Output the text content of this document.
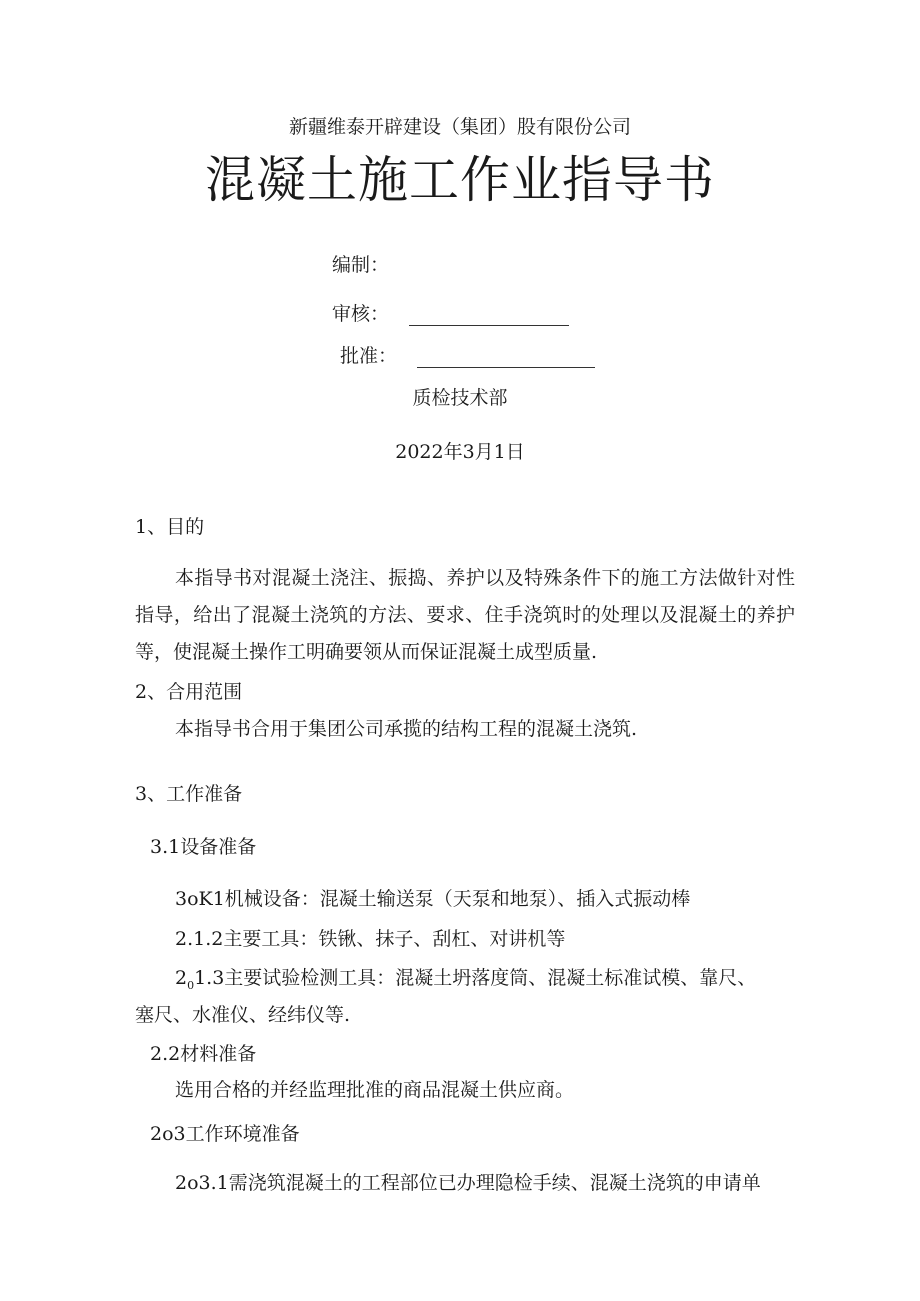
新疆维泰开辟建设（集团）股有限份公司
混凝土施工作业指导书
编制：
审核：
批准：
质检技术部
2022年3月1日
1、目的
本指导书对混凝土浇注、振捣、养护以及特殊条件下的施工方法做针对性指导，给出了混凝土浇筑的方法、要求、住手浇筑时的处理以及混凝土的养护等，使混凝土操作工明确要领从而保证混凝土成型质量.
2、合用范围
本指导书合用于集团公司承揽的结构工程的混凝土浇筑.
3、工作准备
3.1设备准备
3oK1机械设备：混凝土输送泵（天泵和地泵）、插入式振动棒
2.1.2主要工具：铁锹、抹子、刮杠、对讲机等
$2_01.3$主要试验检测工具：混凝土坍落度筒、混凝土标准试模、靠尺、
塞尺、水准仪、经纬仪等.
2.2材料准备
选用合格的并经监理批准的商品混凝土供应商。
2o3工作环境准备
2o3.1需浇筑混凝土的工程部位已办理隐检手续、混凝土浇筑的申请单
